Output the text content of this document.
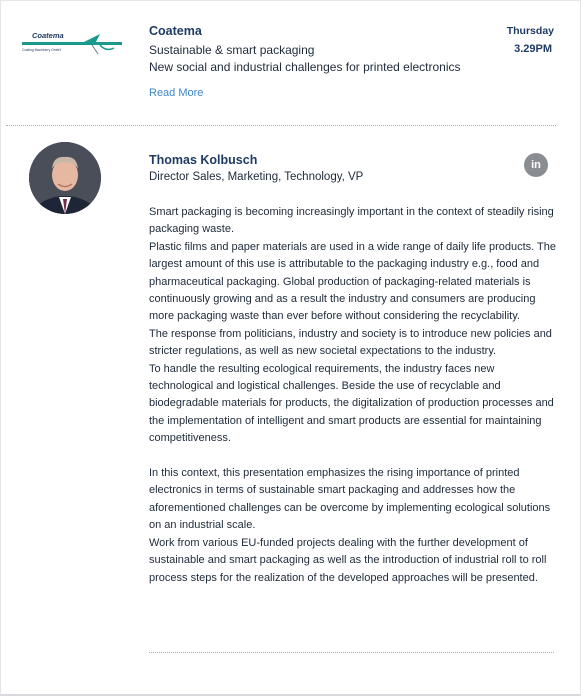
Coatema
Coating Machinery GmbH
Coatema
Sustainable & smart packaging
New social and industrial challenges for printed electronics
Read More
Thursday
3.29PM
Thomas Kolbusch
Director Sales, Marketing, Technology, VP
in

Smart packaging is becoming increasingly important in the context of steadily rising packaging waste.

Plastic films and paper materials are used in a wide range of daily life products. The largest amount of this use is attributable to the packaging industry e.g., food and pharmaceutical packaging. Global production of packaging-related materials is continuously growing and as a result the industry and consumers are producing more packaging waste than ever before without considering the recyclability.

The response from politicians, industry and society is to introduce new policies and stricter regulations, as well as new societal expectations to the industry.

To handle the resulting ecological requirements, the industry faces new technological and logistical challenges. Beside the use of recyclable and biodegradable materials for products, the digitalization of production processes and the implementation of intelligent and smart products are essential for maintaining competitiveness.

In this context, this presentation emphasizes the rising importance of printed electronics in terms of sustainable smart packaging and addresses how the aforementioned challenges can be overcome by implementing ecological solutions on an industrial scale.

Work from various EU-funded projects dealing with the further development of sustainable and smart packaging as well as the introduction of industrial roll to roll process steps for the realization of the developed approaches will be presented.
